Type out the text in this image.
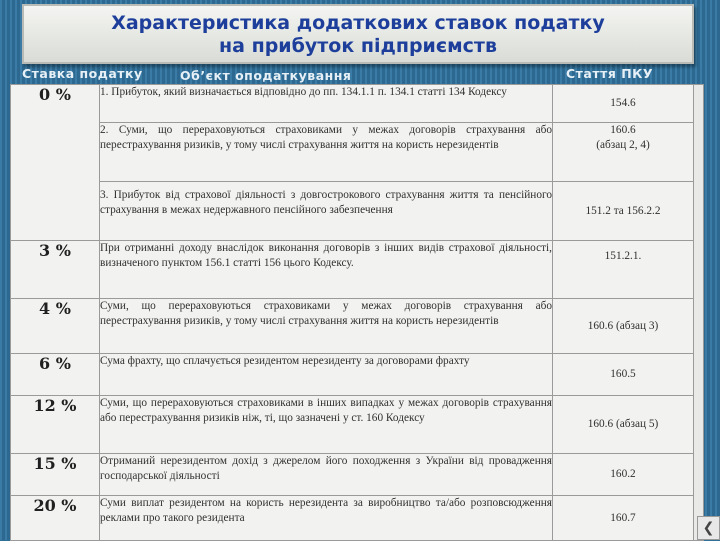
Характеристика додаткових ставок податку
на прибуток підприємств
Ставка податку	Об’єкт оподаткування	Стаття ПКУ
0 %	1. Прибуток, який визначається відповідно до пп. 134.1.1 п. 134.1 статті 134 Кодексу	154.6	
	2. Суми, що перераховуються страховиками у межах договорів страхування або перестрахування ризиків, у тому числі страхування життя на користь нерезидентів	160.6
(абзац 2, 4)	

	3. Прибуток від страхової діяльності з довгострокового страхування життя та пенсійного страхування в межах недержавного пенсійного забезпечення	151.2 та 156.2.2	
3 %	При отриманні доходу внаслідок виконання договорів з інших видів страхової діяльності, визначеного пунктом 156.1 статті 156 цього Кодексу.	151.2.1.	
4 %	Суми, що перераховуються страховиками у межах договорів страхування або перестрахування ризиків, у тому числі страхування життя на користь нерезидентів	160.6 (абзац 3)	
6 %	Сума фрахту, що сплачується резидентом нерезиденту за договорами фрахту	160.5	
12 %	Суми, що перераховуються страховиками в інших випадках у межах договорів страхування або перестрахування ризиків ніж, ті, що зазначені у ст. 160 Кодексу	160.6 (абзац 5)	
15 %	Отриманий нерезидентом дохід з джерелом його походження з України від провадження господарської діяльності	160.2	
20 %	Суми виплат резидентом на користь нерезидента за виробництво та/або розповсюдження реклами про такого резидента	160.7	
❮
